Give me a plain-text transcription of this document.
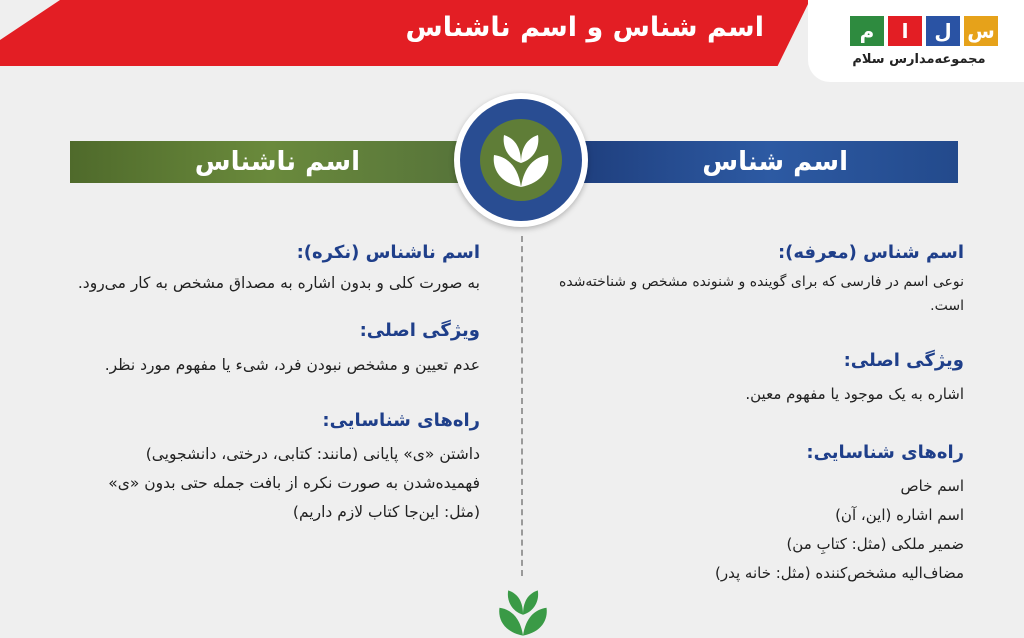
اسم شناس و اسم ناشناس	م	ا	ل س
مجموعه‌مدارس سلام
اسم شناس
اسم ناشناس

اسم شناس (معرفه):

نوعی اسم در فارسی که برای گوینده و شنونده مشخص و شناخته‌شده است.

ویژگی اصلی:

اشاره به یک موجود یا مفهوم معین.

راه‌های شناسایی:

اسم خاص

اسم اشاره (این، آن)

ضمیر ملکی (مثل: کتابِ من)

مضاف‌الیه مشخص‌کننده (مثل: خانه پدر)

اسم ناشناس (نکره):

به صورت کلی و بدون اشاره به مصداق مشخص به کار می‌رود.

ویژگی اصلی:

عدم تعیین و مشخص نبودن فرد، شیء یا مفهوم مورد نظر.

راه‌های شناسایی:

داشتن «ی» پایانی (مانند: کتابی، درختی، دانشجویی)

فهمیده‌شدن به صورت نکره از بافت جمله حتی بدون «ی»

(مثل: این‌جا کتاب لازم داریم)
